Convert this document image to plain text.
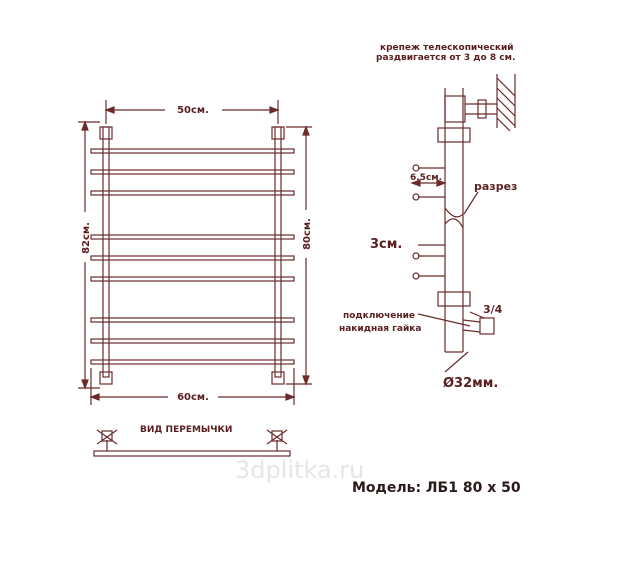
50см.
60см.
82см.	80см.
ВИД ПЕРЕМЫЧКИ
крепеж телескопический
раздвигается от 3 до 8 см.
6.5см.
разрез
3см.
подключение
накидная гайка
3/4
Ø32мм.
3dplitka.ru
Модель: ЛБ1 80 х 50
